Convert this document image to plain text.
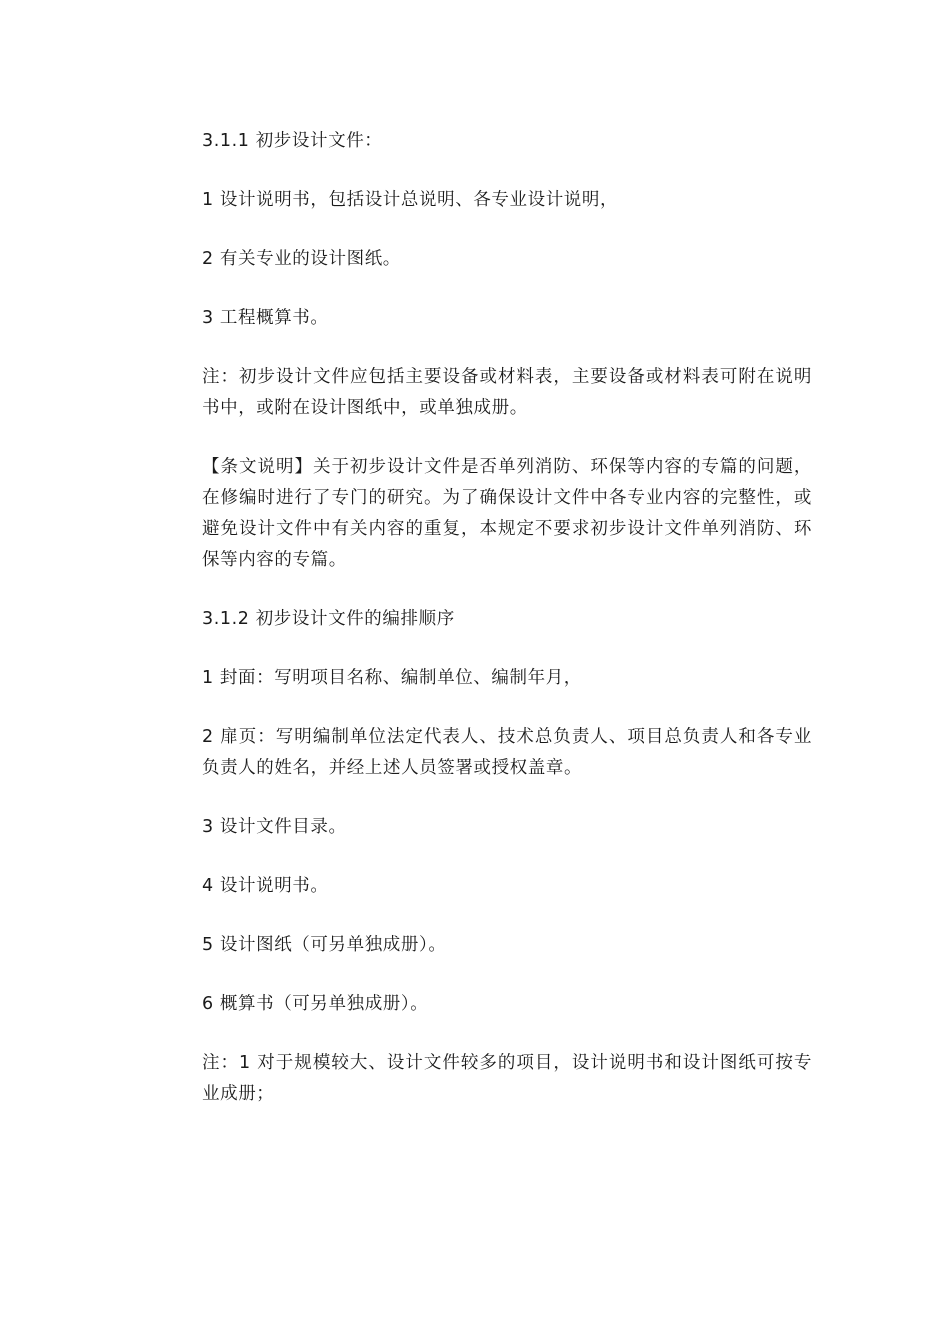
3.1.1 初步设计文件：

1 设计说明书，包括设计总说明、各专业设计说明，

2 有关专业的设计图纸。

3 工程概算书。

注：初步设计文件应包括主要设备或材料表，主要设备或材料表可附在说明书中，或附在设计图纸中，或单独成册。

【条文说明】关于初步设计文件是否单列消防、环保等内容的专篇的问题，在修编时进行了专门的研究。为了确保设计文件中各专业内容的完整性，或避免设计文件中有关内容的重复，本规定不要求初步设计文件单列消防、环保等内容的专篇。

3.1.2 初步设计文件的编排顺序

1 封面：写明项目名称、编制单位、编制年月，

2 扉页：写明编制单位法定代表人、技术总负责人、项目总负责人和各专业负责人的姓名，并经上述人员签署或授权盖章。

3 设计文件目录。

4 设计说明书。

5 设计图纸（可另单独成册）。

6 概算书（可另单独成册）。

注：1 对于规模较大、设计文件较多的项目，设计说明书和设计图纸可按专业成册；
